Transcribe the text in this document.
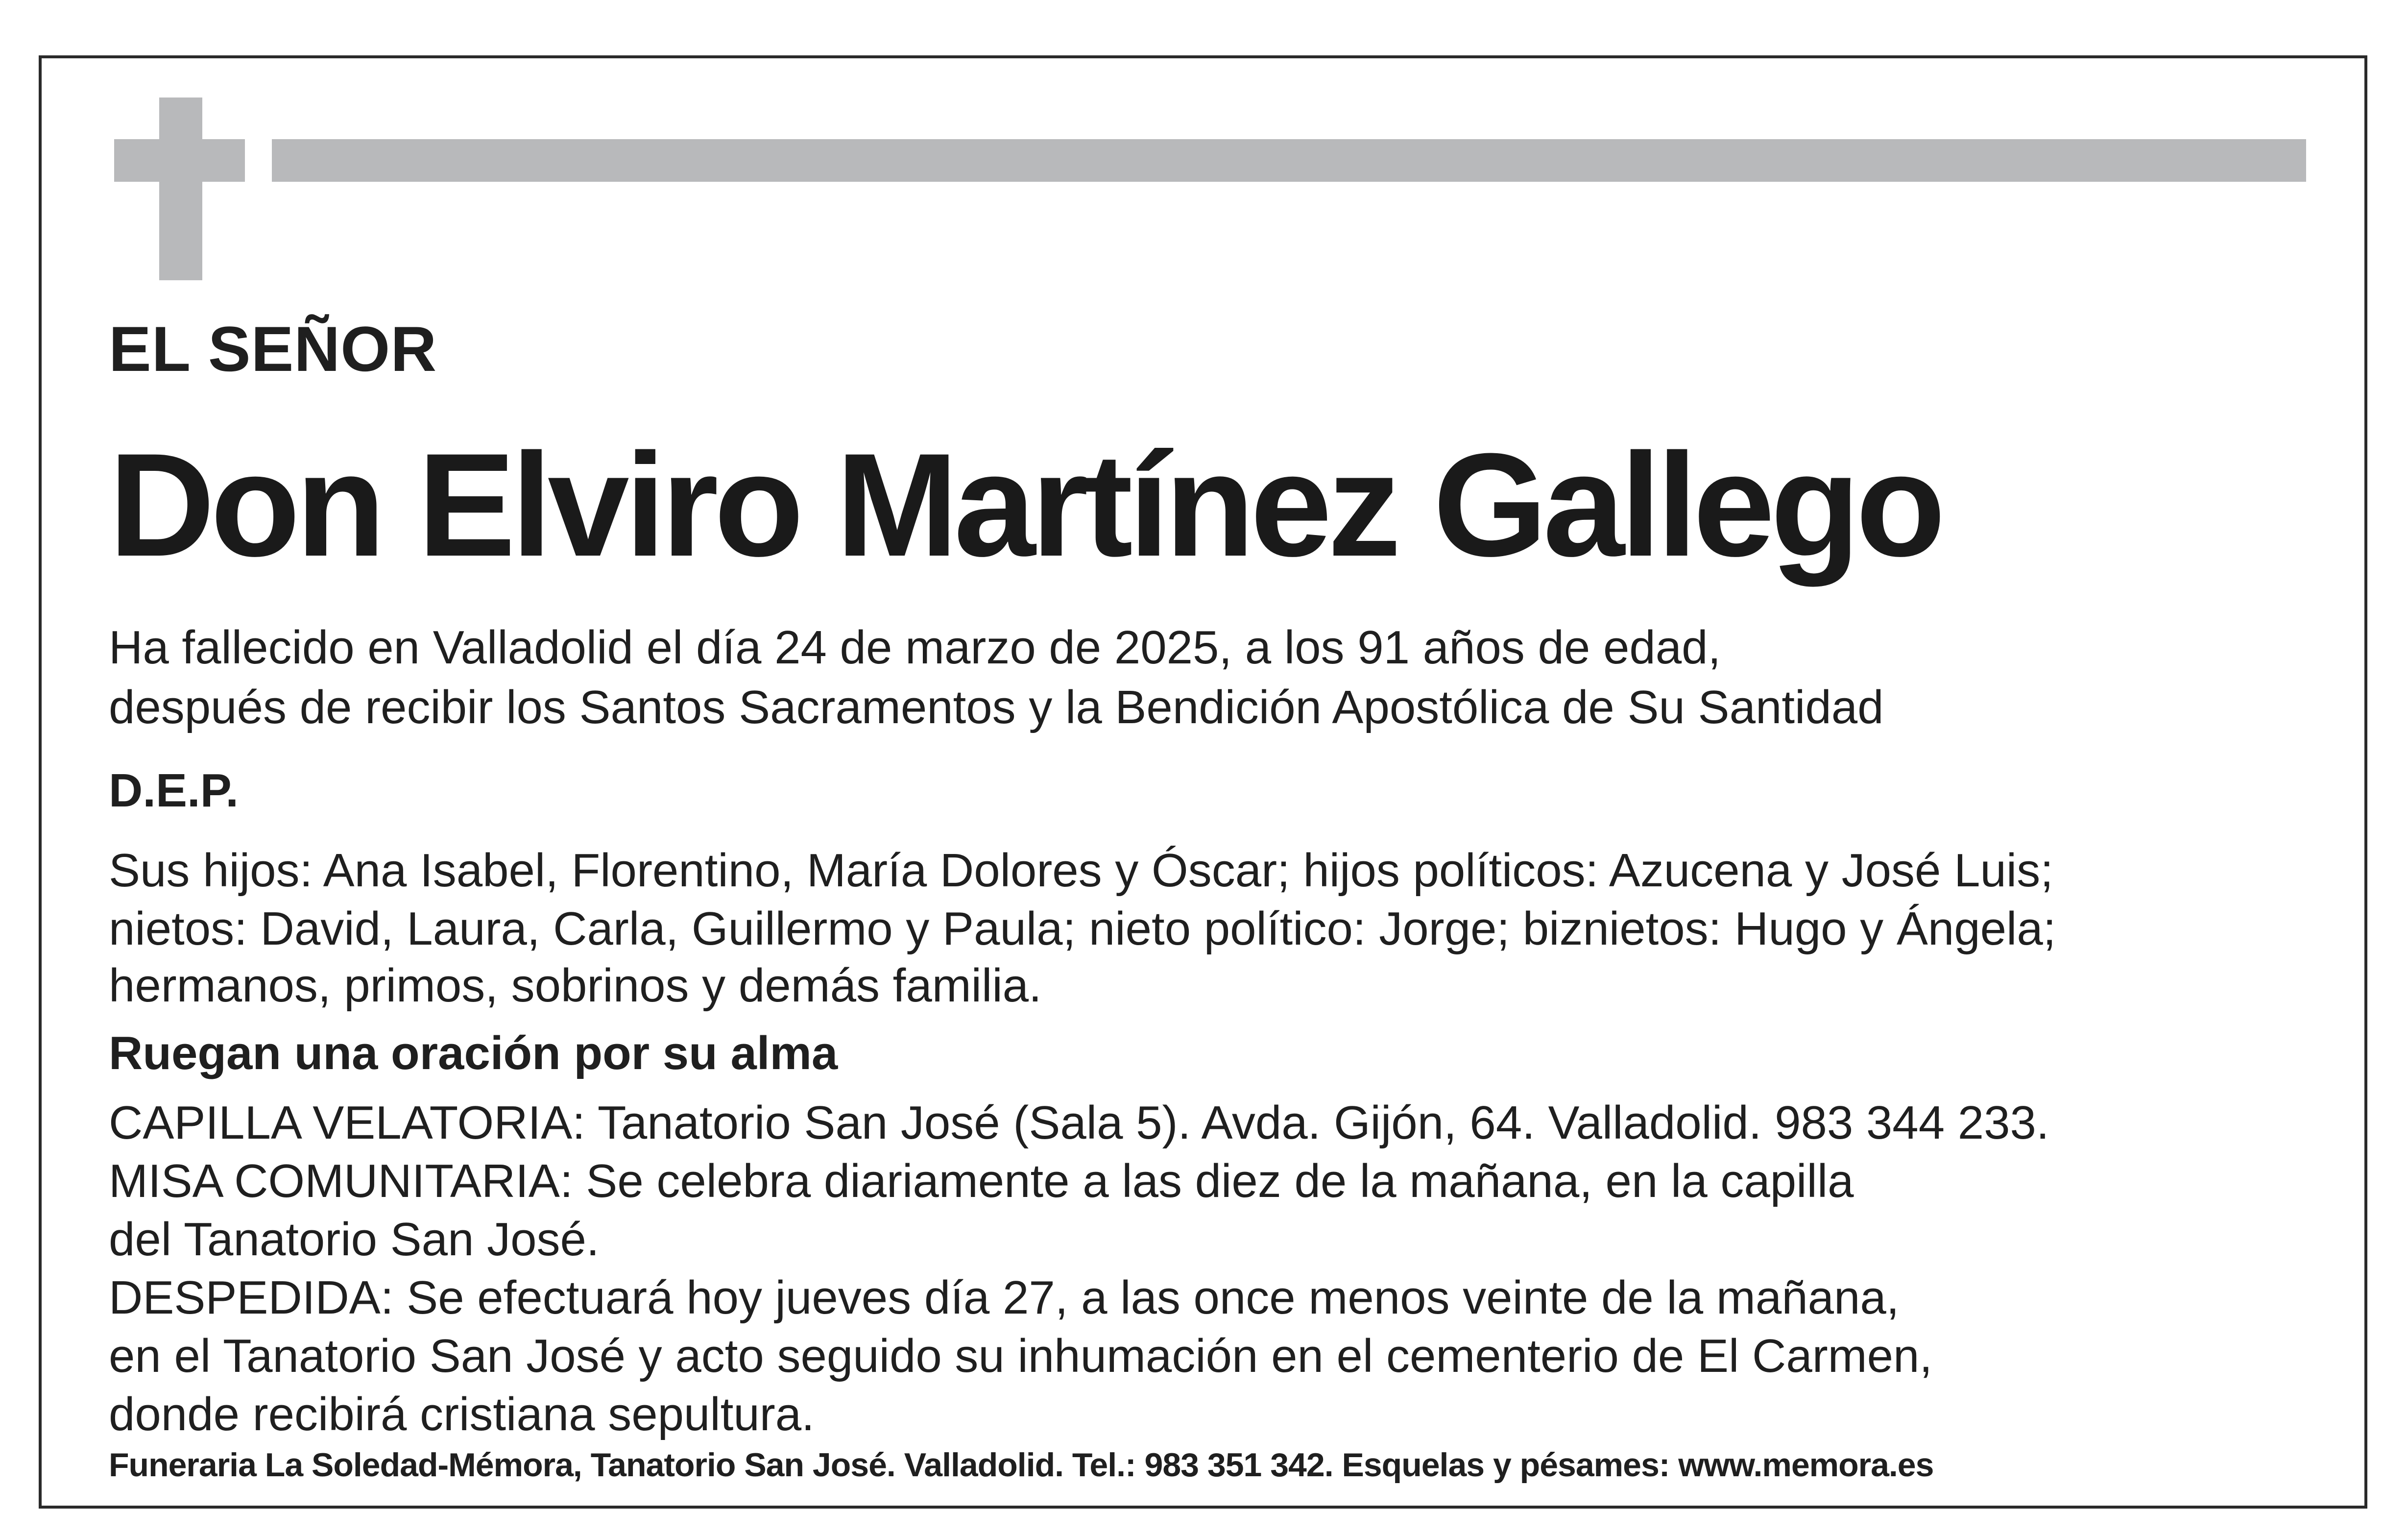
EL SEÑOR
Don Elviro Martínez Gallego
Ha fallecido en Valladolid el día 24 de marzo de 2025, a los 91 años de edad,
después de recibir los Santos Sacramentos y la Bendición Apostólica de Su Santidad
D.E.P.
Sus hijos: Ana Isabel, Florentino, María Dolores y Óscar; hijos políticos: Azucena y José Luis;
nietos: David, Laura, Carla, Guillermo y Paula; nieto político: Jorge; biznietos: Hugo y Ángela;
hermanos, primos, sobrinos y demás familia.
Ruegan una oración por su alma
CAPILLA VELATORIA: Tanatorio San José (Sala 5). Avda. Gijón, 64. Valladolid. 983 344 233.
MISA COMUNITARIA: Se celebra diariamente a las diez de la mañana, en la capilla
del Tanatorio San José.
DESPEDIDA: Se efectuará hoy jueves día 27, a las once menos veinte de la mañana,
en el Tanatorio San José y acto seguido su inhumación en el cementerio de El Carmen,
donde recibirá cristiana sepultura.
Funeraria La Soledad-Mémora, Tanatorio San José. Valladolid. Tel.: 983 351 342. Esquelas y pésames: www.memora.es
